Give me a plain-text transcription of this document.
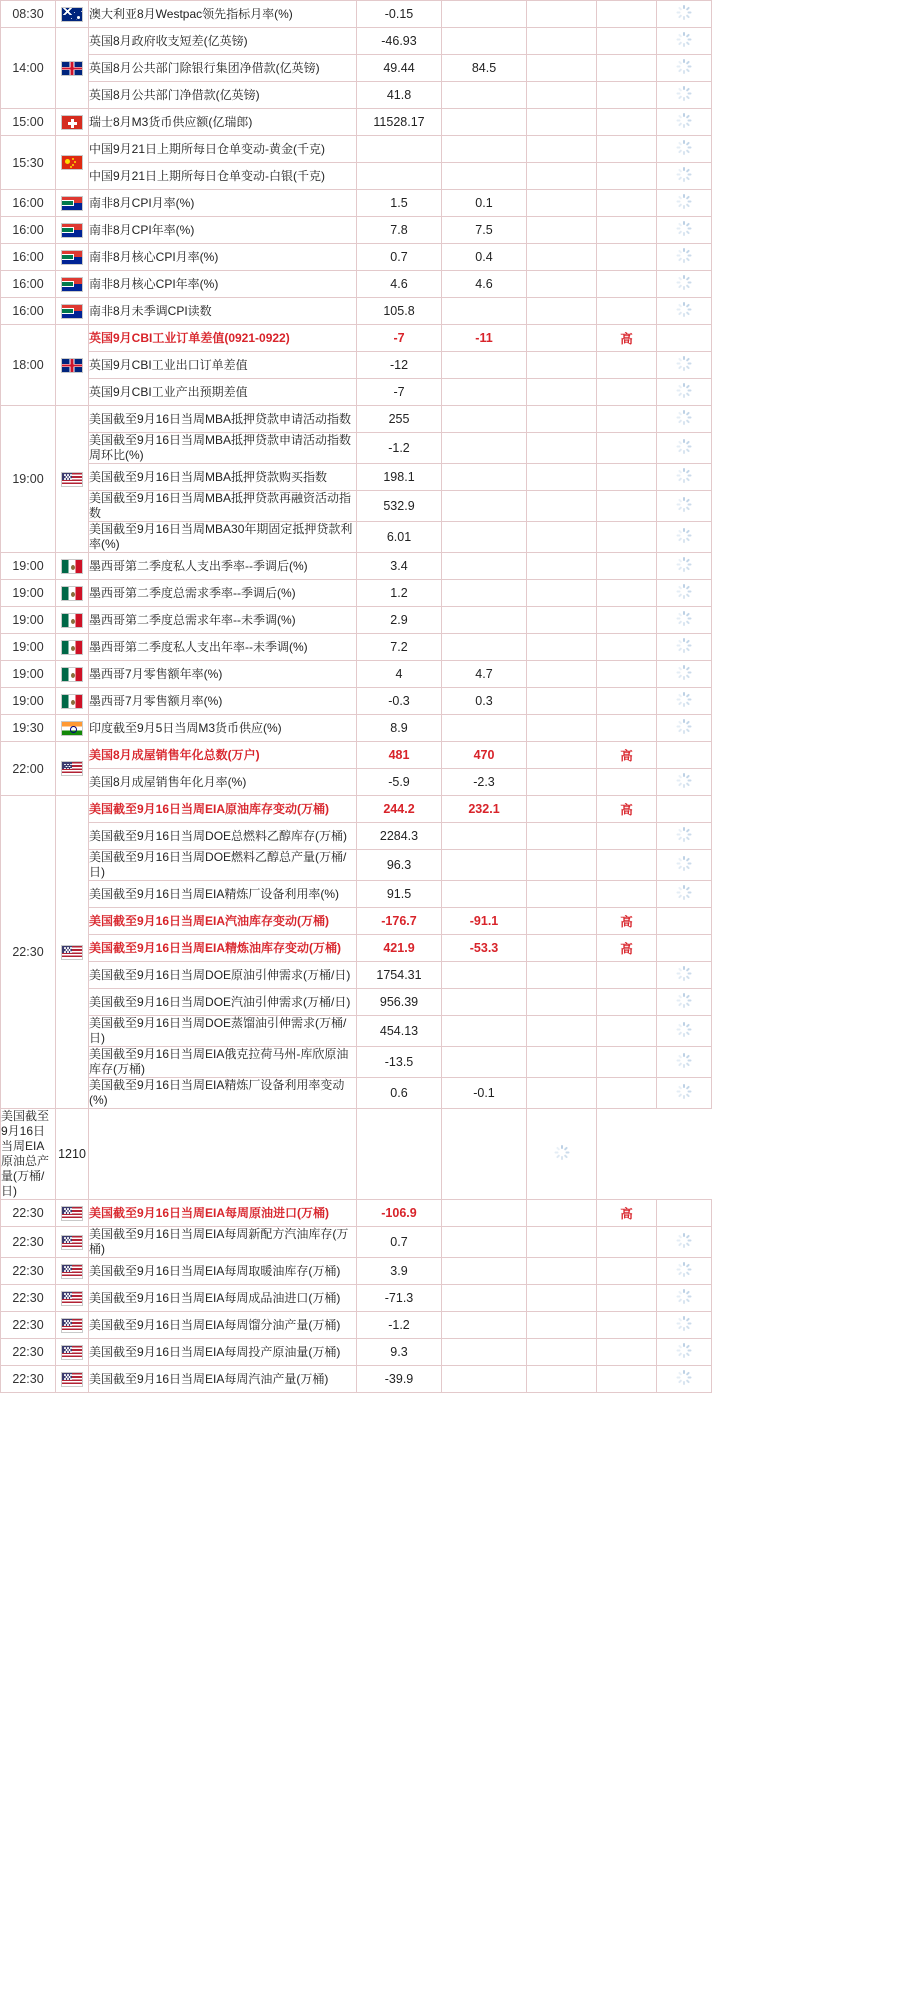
08:30		澳大利亚8月Westpac领先指标月率(%)	-0.15				

14:00		英国8月政府收支短差(亿英镑)	-46.93				

		英国8月公共部门除银行集团净借款(亿英镑)	49.44	84.5			

		英国8月公共部门净借款(亿英镑)	41.8				

15:00		瑞士8月M3货币供应额(亿瑞郎)	11528.17				

15:30		中国9月21日上期所每日仓单变动-黄金(千克)					

		中国9月21日上期所每日仓单变动-白银(千克)					

16:00		南非8月CPI月率(%)	1.5	0.1			

16:00		南非8月CPI年率(%)	7.8	7.5			

16:00		南非8月核心CPI月率(%)	0.7	0.4			

16:00		南非8月核心CPI年率(%)	4.6	4.6			

16:00		南非8月未季调CPI读数	105.8				

18:00		英国9月CBI工业订单差值(0921-0922)	-7	-11		高	
		英国9月CBI工业出口订单差值	-12				

		英国9月CBI工业产出预期差值	-7				

19:00		美国截至9月16日当周MBA抵押贷款申请活动指数	255				

		美国截至9月16日当周MBA抵押贷款申请活动指数周环比(%)	-1.2				

		美国截至9月16日当周MBA抵押贷款购买指数	198.1				

		美国截至9月16日当周MBA抵押贷款再融资活动指数	532.9				

		美国截至9月16日当周MBA30年期固定抵押贷款利率(%)	6.01				

19:00		墨西哥第二季度私人支出季率--季调后(%)	3.4				

19:00		墨西哥第二季度总需求季率--季调后(%)	1.2				

19:00		墨西哥第二季度总需求年率--未季调(%)	2.9				

19:00		墨西哥第二季度私人支出年率--未季调(%)	7.2				

19:00		墨西哥7月零售额年率(%)	4	4.7			

19:00		墨西哥7月零售额月率(%)	-0.3	0.3			

19:30		印度截至9月5日当周M3货币供应(%)	8.9				

22:00		美国8月成屋销售年化总数(万户)	481	470		高	
		美国8月成屋销售年化月率(%)	-5.9	-2.3			

22:30		美国截至9月16日当周EIA原油库存变动(万桶)	244.2	232.1		高	
		美国截至9月16日当周DOE总燃料乙醇库存(万桶)	2284.3				

		美国截至9月16日当周DOE燃料乙醇总产量(万桶/日)	96.3				

		美国截至9月16日当周EIA精炼厂设备利用率(%)	91.5				

		美国截至9月16日当周EIA汽油库存变动(万桶)	-176.7	-91.1		高	
		美国截至9月16日当周EIA精炼油库存变动(万桶)	421.9	-53.3		高	
		美国截至9月16日当周DOE原油引伸需求(万桶/日)	1754.31				

		美国截至9月16日当周DOE汽油引伸需求(万桶/日)	956.39				

		美国截至9月16日当周DOE蒸馏油引伸需求(万桶/日)	454.13				

		美国截至9月16日当周EIA俄克拉荷马州-库欣原油库存(万桶)	-13.5				

		美国截至9月16日当周EIA精炼厂设备利用率变动(%)	0.6	-0.1			

美国截至9月16日当周EIA原油总产量(万桶/日)	1210						

22:30		美国截至9月16日当周EIA每周原油进口(万桶)	-106.9			高	
22:30		美国截至9月16日当周EIA每周新配方汽油库存(万桶)	0.7				

22:30		美国截至9月16日当周EIA每周取暖油库存(万桶)	3.9				

22:30		美国截至9月16日当周EIA每周成品油进口(万桶)	-71.3				

22:30		美国截至9月16日当周EIA每周馏分油产量(万桶)	-1.2				

22:30		美国截至9月16日当周EIA每周投产原油量(万桶)	9.3				

22:30		美国截至9月16日当周EIA每周汽油产量(万桶)	-39.9				
